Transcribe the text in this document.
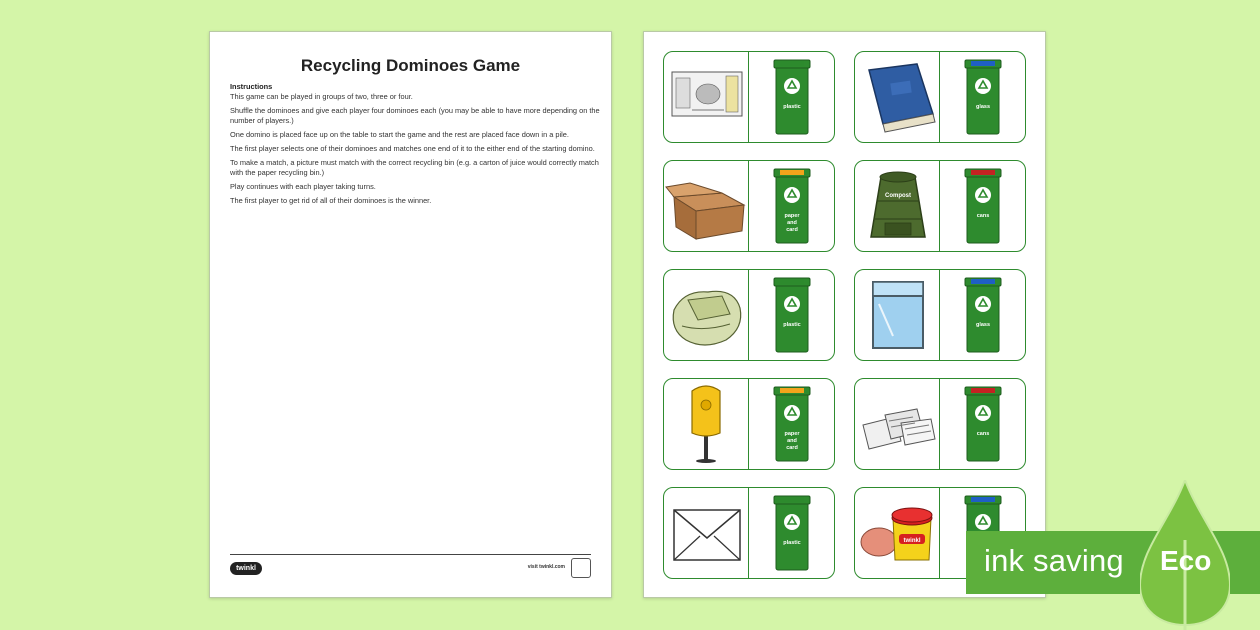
Recycling Dominoes Game

Instructions

This game can be played in groups of two, three or four.

Shuffle the dominoes and give each player four dominoes each (you may be able to have more depending on the number of players.)

One domino is placed face up on the table to start the game and the rest are placed face down in a pile.

The first player selects one of their dominoes and matches one end of it to the either end of the starting domino.

To make a match, a picture must match with the correct recycling bin (e.g. a carton of juice would correctly match with the paper recycling bin.)

Play continues with each player taking turns.

The first player to get rid of all of their dominoes is the winner.

twinkl	visit twinkl.com
plastic	glass
paper
and
card
Compost
cans
plastic	glass
paper
and
card
cans
plastic	twinkl
ink saving Eco
